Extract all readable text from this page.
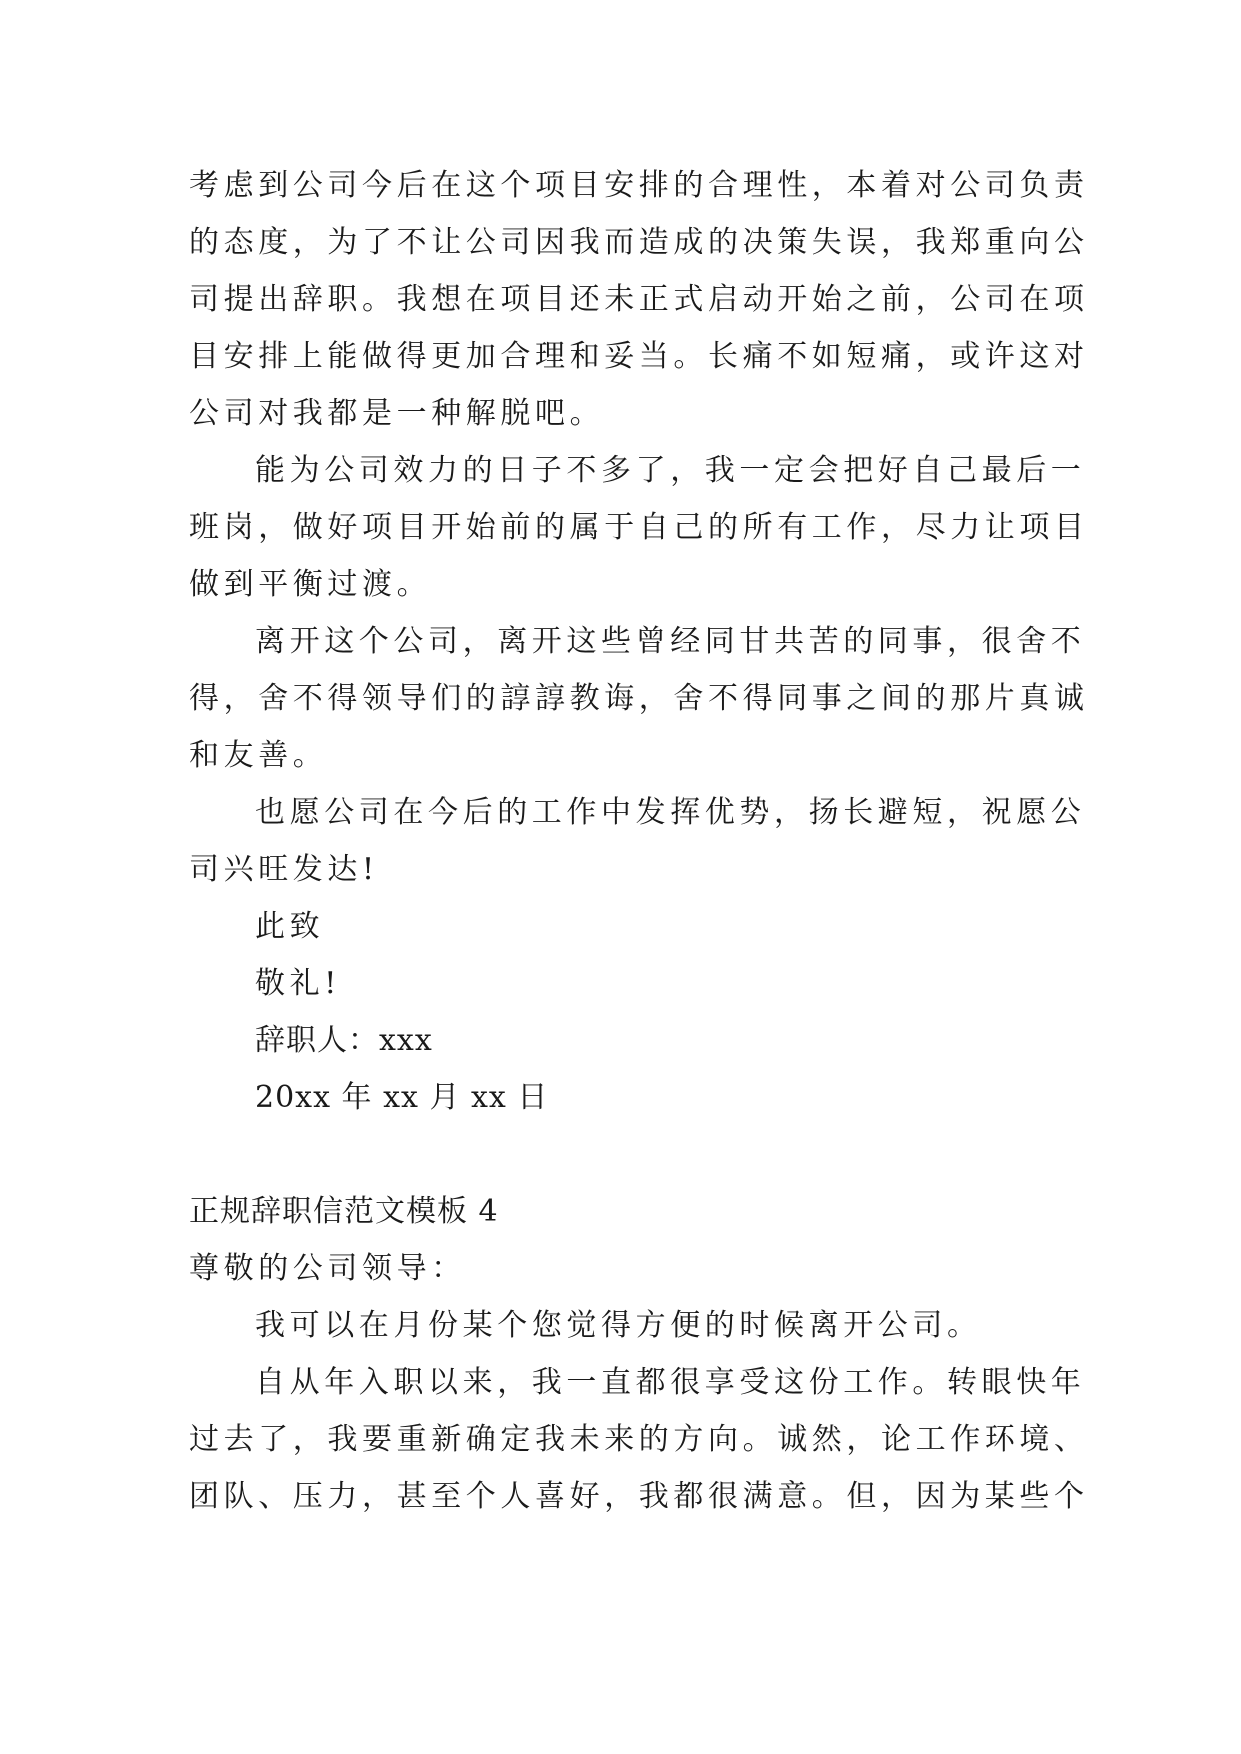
考虑到公司今后在这个项目安排的合理性，本着对公司负责
的态度，为了不让公司因我而造成的决策失误，我郑重向公
司提出辞职。我想在项目还未正式启动开始之前，公司在项
目安排上能做得更加合理和妥当。长痛不如短痛，或许这对
公司对我都是一种解脱吧。
能为公司效力的日子不多了，我一定会把好自己最后一
班岗，做好项目开始前的属于自己的所有工作，尽力让项目
做到平衡过渡。
离开这个公司，离开这些曾经同甘共苦的同事，很舍不
得，舍不得领导们的諄諄教诲，舍不得同事之间的那片真诚
和友善。
也愿公司在今后的工作中发挥优势，扬长避短，祝愿公
司兴旺发达!
此致
敬礼!
辞职人：xxx
20xx 年 xx 月 xx 日
正规辞职信范文模板 4
尊敬的公司领导：
我可以在月份某个您觉得方便的时候离开公司。
自从年入职以来，我一直都很享受这份工作。转眼快年
过去了，我要重新确定我未来的方向。诚然，论工作环境、
团队、压力，甚至个人喜好，我都很满意。但，因为某些个
